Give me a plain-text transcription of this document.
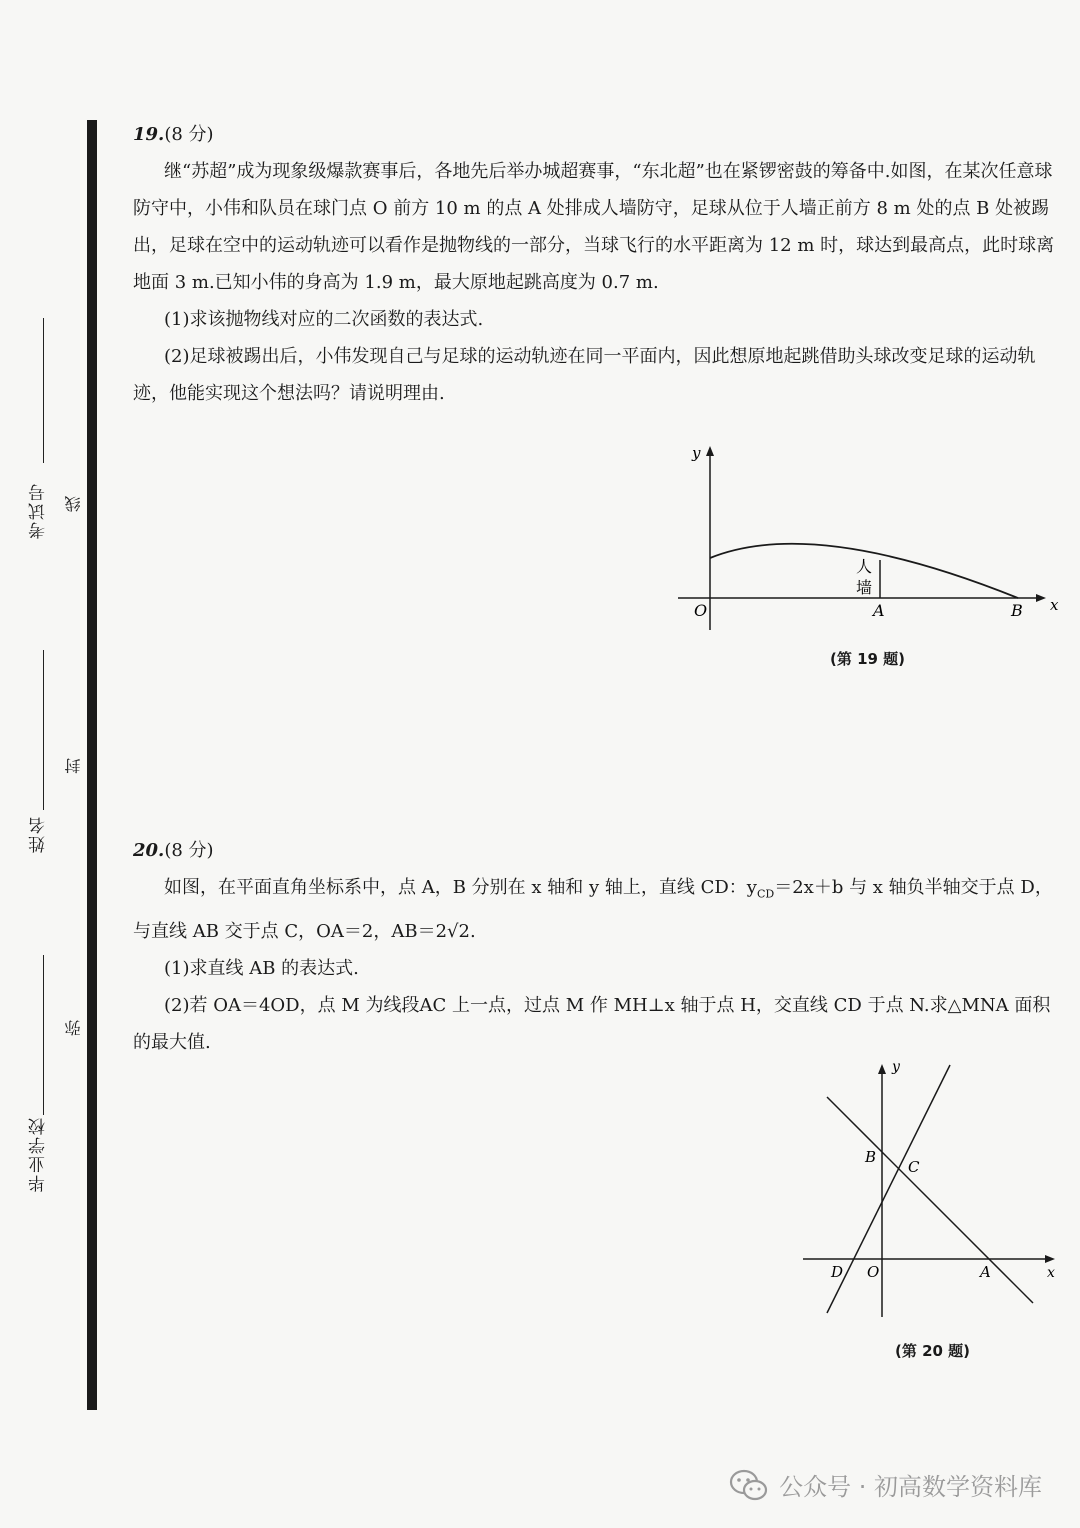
考试号
姓名
毕业学校
线
封
弥
19.(8 分)

继“苏超”成为现象级爆款赛事后，各地先后举办城超赛事，“东北超”也在紧锣密鼓的筹备中.如图，在某次任意球防守中，小伟和队员在球门点 O 前方 10 m 的点 A 处排成人墙防守，足球从位于人墙正前方 8 m 处的点 B 处被踢出，足球在空中的运动轨迹可以看作是抛物线的一部分，当球飞行的水平距离为 12 m 时，球达到最高点，此时球离地面 3 m.已知小伟的身高为 1.9 m，最大原地起跳高度为 0.7 m.

(1)求该抛物线对应的二次函数的表达式.

(2)足球被踢出后，小伟发现自己与足球的运动轨迹在同一平面内，因此想原地起跳借助头球改变足球的运动轨迹，他能实现这个想法吗？请说明理由.

y
x
O	A	B
人
墙
(第 19 题)
20.(8 分)

如图，在平面直角坐标系中，点 A，B 分别在 x 轴和 y 轴上，直线 CD：$y_{CD}=2x+b$ 与 x 轴负半轴交于点 D，与直线 AB 交于点 C，OA＝2，AB＝2√2.

(1)求直线 AB 的表达式.

(2)若 OA＝4OD，点 M 为线段AC 上一点，过点 M 作 MH⊥x 轴于点 H，交直线 CD 于点 N.求△MNA 面积的最大值.

y
x
O	A
B
C
D
(第 20 题)
公众号 · 初高数学资料库
